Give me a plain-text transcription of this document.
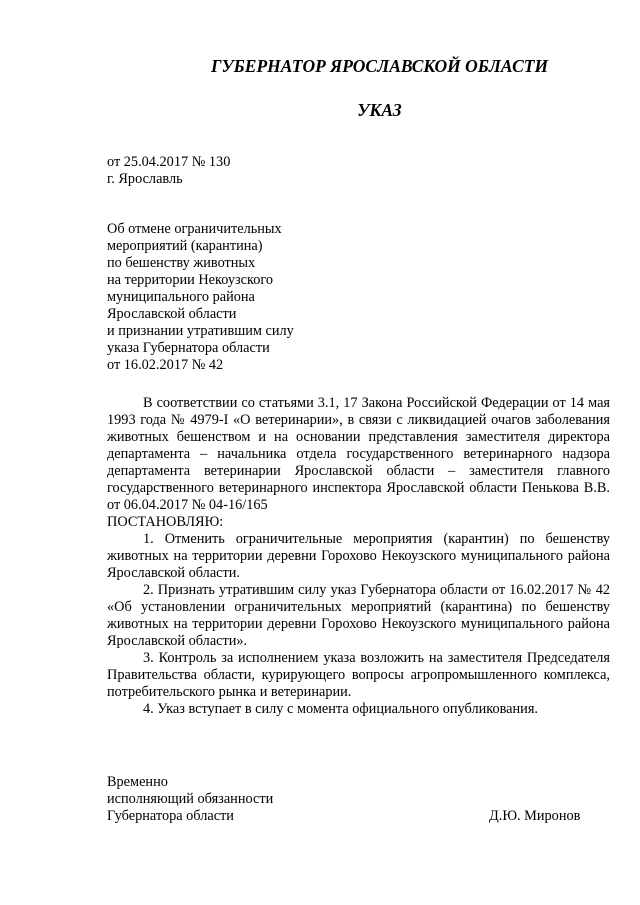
ГУБЕРНАТОР ЯРОСЛАВСКОЙ ОБЛАСТИ
УКАЗ
от 25.04.2017 № 130
г. Ярославль
Об отмене ограничительных
мероприятий (карантина)
по бешенству животных
на территории Некоузского
муниципального района
Ярославской области
и признании утратившим силу
указа Губернатора области
от 16.02.2017 № 42

В соответствии со статьями 3.1, 17 Закона Российской Федерации от 14 мая 1993 года № 4979-I «О ветеринарии», в связи с ликвидацией очагов заболевания животных бешенством и на основании представления заместителя директора департамента – начальника отдела государственного ветеринарного надзора департамента ветеринарии Ярославской области – заместителя главного государственного ветеринарного инспектора Ярославской области Пенькова В.В. от 06.04.2017 № 04-16/165

ПОСТАНОВЛЯЮ:

1. Отменить ограничительные мероприятия (карантин) по бешенству животных на территории деревни Горохово Некоузского муниципального района Ярославской области.

2. Признать утратившим силу указ Губернатора области от 16.02.2017 № 42 «Об установлении ограничительных мероприятий (карантина) по бешенству животных на территории деревни Горохово Некоузского муниципального района Ярославской области».

3. Контроль за исполнением указа возложить на заместителя Председателя Правительства области, курирующего вопросы агропромышленного комплекса, потребительского рынка и ветеринарии.

4. Указ вступает в силу с момента официального опубликования.

Временно
исполняющий обязанности
Губернатора области	Д.Ю. Миронов
